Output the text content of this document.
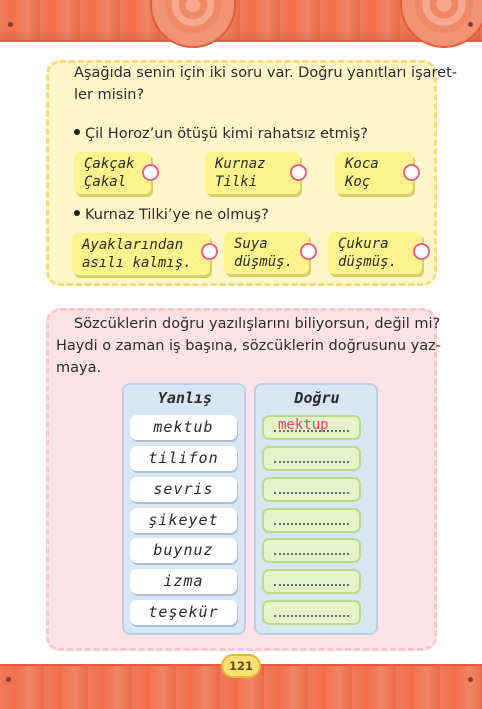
Aşağıda senin için iki soru var. Doğru yanıtları işaret-
ler misin?
Çil Horoz’un ötüşü kimi rahatsız etmiş?
Çakçak
Çakal
Kurnaz
Tilki
Koca
Koç
Kurnaz Tilki’ye ne olmuş?
Ayaklarından
asılı kalmış.
Suya
düşmüş.
Çukura
düşmüş.
Sözcüklerin doğru yazılışlarını biliyorsun, değil mi?
Haydi o zaman iş başına, sözcüklerin doğrusunu yaz-
maya.
Yanlış	Doğru
mektub
tilifon
sevris
şikeyet
buynuz
izma
teşekür
mektup
121
